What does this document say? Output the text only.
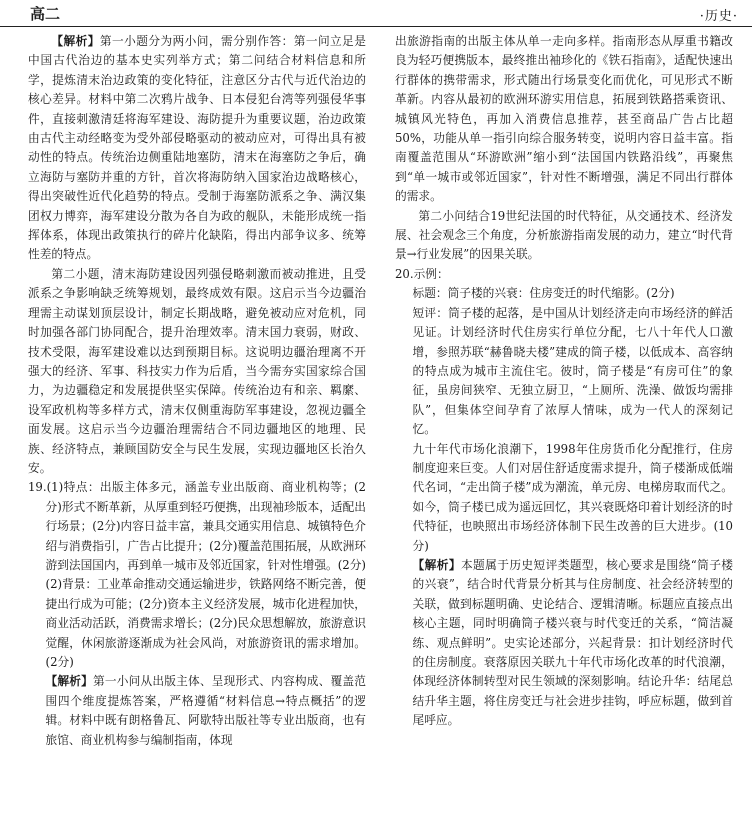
高二	·历史·

【解析】第一小题分为两小问，需分别作答：第一问立足是中国古代治边的基本史实列举方式；第二问结合材料信息和所学，提炼清末治边政策的变化特征，注意区分古代与近代治边的核心差异。材料中第二次鸦片战争、日本侵犯台湾等列强侵华事件，直接刺激清廷将海军建设、海防提升为重要议题，治边政策由古代主动经略变为受外部侵略驱动的被动应对，可得出具有被动性的特点。传统治边侧重陆地塞防，清末在海塞防之争后，确立海防与塞防并重的方针，首次将海防纳入国家治边战略核心，得出突破性近代化趋势的特点。受制于海塞防派系之争、满汉集团权力博弈，海军建设分散为各自为政的舰队，未能形成统一指挥体系，体现出政策执行的碎片化缺陷，得出内部争议多、统筹性差的特点。

第二小题，清末海防建设因列强侵略刺激而被动推进，且受派系之争影响缺乏统筹规划，最终成效有限。这启示当今边疆治理需主动谋划顶层设计，制定长期战略，避免被动应对危机，同时加强各部门协同配合，提升治理效率。清末国力衰弱，财政、技术受限，海军建设难以达到预期目标。这说明边疆治理离不开强大的经济、军事、科技实力作为后盾，当今需夯实国家综合国力，为边疆稳定和发展提供坚实保障。传统治边有和亲、羁縻、设军政机构等多样方式，清末仅侧重海防军事建设，忽视边疆全面发展。这启示当今边疆治理需结合不同边疆地区的地理、民族、经济特点，兼顾国防安全与民生发展，实现边疆地区长治久安。

19.(1)特点：出版主体多元，涵盖专业出版商、商业机构等；(2分)形式不断革新，从厚重到轻巧便携，出现袖珍版本，适配出行场景；(2分)内容日益丰富，兼具交通实用信息、城镇特色介绍与消费指引，广告占比提升；(2分)覆盖范围拓展，从欧洲环游到法国国内，再到单一城市及邻近国家，针对性增强。(2分)

(2)背景：工业革命推动交通运输进步，铁路网络不断完善，便捷出行成为可能；(2分)资本主义经济发展，城市化进程加快，商业活动活跃，消费需求增长；(2分)民众思想解放，旅游意识觉醒，休闲旅游逐渐成为社会风尚，对旅游资讯的需求增加。(2分)

【解析】第一小问从出版主体、呈现形式、内容构成、覆盖范围四个维度提炼答案，严格遵循“材料信息→特点概括”的逻辑。材料中既有朗格鲁瓦、阿歇特出版社等专业出版商，也有旅馆、商业机构参与编制指南，体现

出旅游指南的出版主体从单一走向多样。指南形态从厚重书籍改良为轻巧便携版本，最终推出袖珍化的《铁石指南》，适配快速出行群体的携带需求，形式随出行场景变化而优化，可见形式不断革新。内容从最初的欧洲环游实用信息，拓展到铁路搭乘资讯、城镇风光特色，再加入消费信息推荐，甚至商品广告占比超50%，功能从单一指引向综合服务转变，说明内容日益丰富。指南覆盖范围从“环游欧洲”缩小到“法国国内铁路沿线”，再聚焦到“单一城市或邻近国家”，针对性不断增强，满足不同出行群体的需求。

第二小问结合19世纪法国的时代特征，从交通技术、经济发展、社会观念三个角度，分析旅游指南发展的动力，建立“时代背景→行业发展”的因果关联。

20.示例：

标题：筒子楼的兴衰：住房变迁的时代缩影。(2分)

短评：筒子楼的起落，是中国从计划经济走向市场经济的鲜活见证。计划经济时代住房实行单位分配，七八十年代人口激增，参照苏联“赫鲁晓夫楼”建成的筒子楼，以低成本、高容纳的特点成为城市主流住宅。彼时，筒子楼是“有房可住”的象征，虽房间狭窄、无独立厨卫，“上厕所、洗澡、做饭均需排队”，但集体空间孕育了浓厚人情味，成为一代人的深刻记忆。

九十年代市场化浪潮下，1998年住房货币化分配推行，住房制度迎来巨变。人们对居住舒适度需求提升，筒子楼渐成低端代名词，“走出筒子楼”成为潮流，单元房、电梯房取而代之。如今，筒子楼已成为遥远回忆，其兴衰既烙印着计划经济的时代特征，也映照出市场经济体制下民生改善的巨大进步。(10分)

【解析】本题属于历史短评类题型，核心要求是围绕“筒子楼的兴衰”，结合时代背景分析其与住房制度、社会经济转型的关联，做到标题明确、史论结合、逻辑清晰。标题应直接点出核心主题，同时明确筒子楼兴衰与时代变迁的关系，“简洁凝练、观点鲜明”。史实论述部分，兴起背景：扣计划经济时代的住房制度。衰落原因关联九十年代市场化改革的时代浪潮，体现经济体制转型对民生领域的深刻影响。结论升华：结尾总结升华主题，将住房变迁与社会进步挂钩，呼应标题，做到首尾呼应。
